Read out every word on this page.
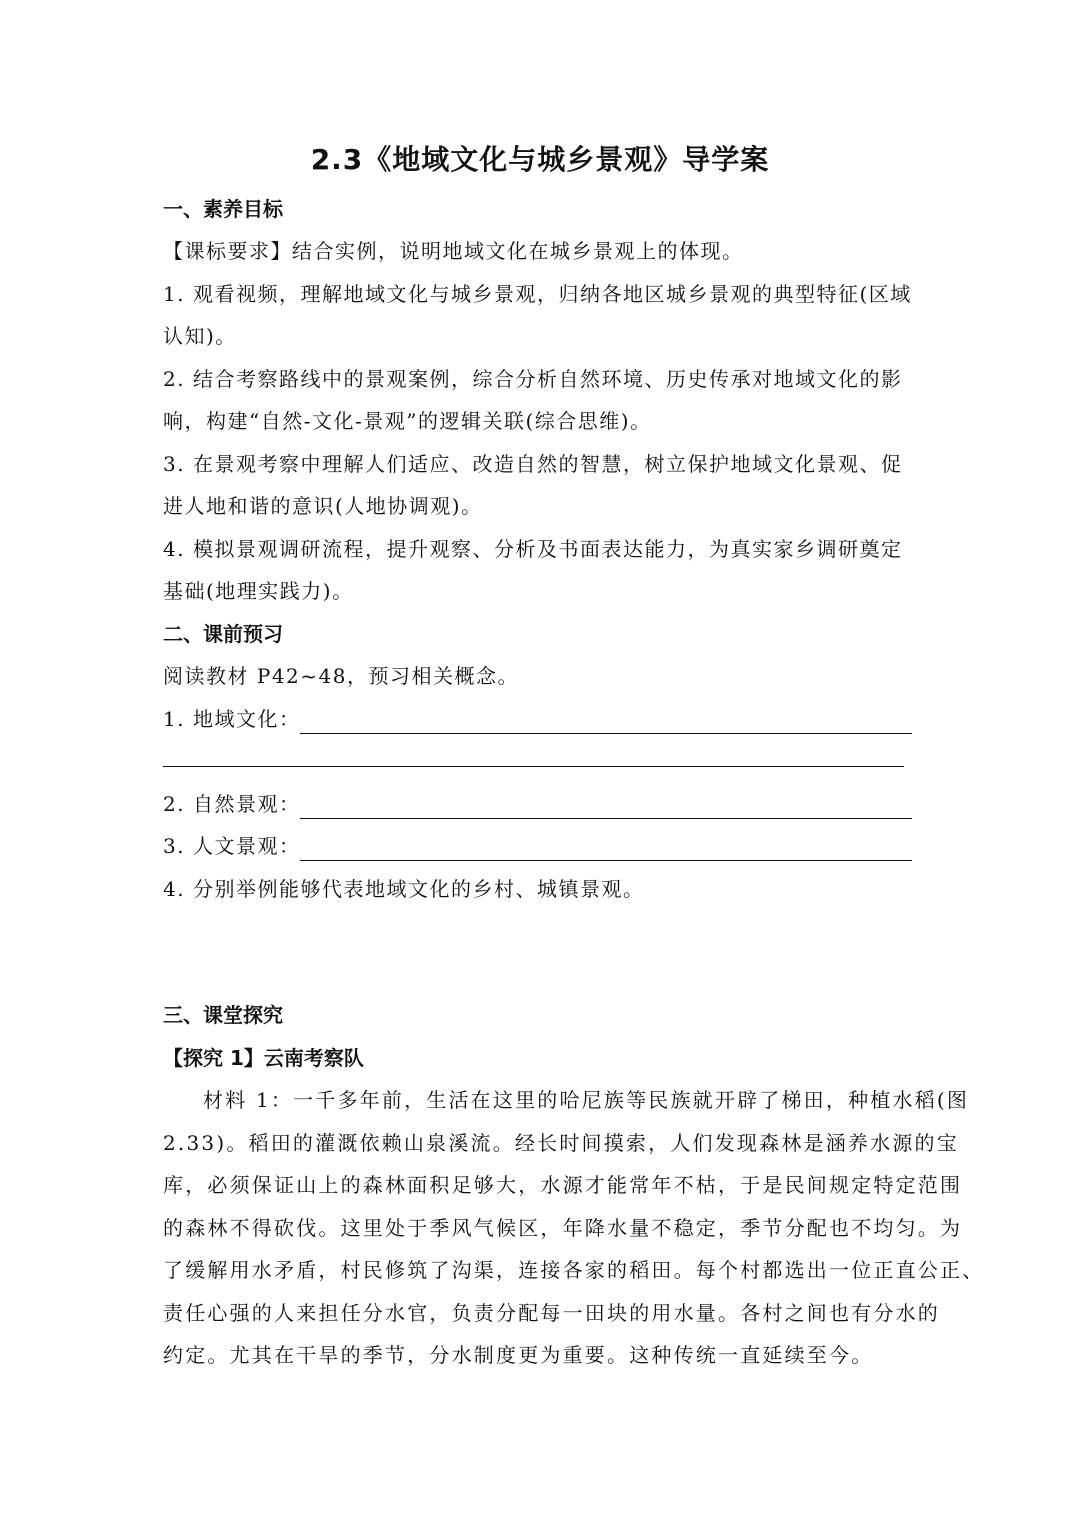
2.3《地域文化与城乡景观》导学案
一、素养目标
【课标要求】结合实例，说明地域文化在城乡景观上的体现。
1. 观看视频，理解地域文化与城乡景观，归纳各地区城乡景观的典型特征(区域
认知)。
2. 结合考察路线中的景观案例，综合分析自然环境、历史传承对地域文化的影
响，构建“自然-文化-景观”的逻辑关联(综合思维)。
3. 在景观考察中理解人们适应、改造自然的智慧，树立保护地域文化景观、促
进人地和谐的意识(人地协调观)。
4. 模拟景观调研流程，提升观察、分析及书面表达能力，为真实家乡调研奠定
基础(地理实践力)。
二、课前预习
阅读教材 P42~48，预习相关概念。
1. 地域文化：
2. 自然景观：
3. 人文景观：
4. 分别举例能够代表地域文化的乡村、城镇景观。
三、课堂探究
【探究 1】云南考察队
材料 1：一千多年前，生活在这里的哈尼族等民族就开辟了梯田，种植水稻(图
2.33)。稻田的灌溉依赖山泉溪流。经长时间摸索，人们发现森林是涵养水源的宝
库，必须保证山上的森林面积足够大，水源才能常年不枯，于是民间规定特定范围
的森林不得砍伐。这里处于季风气候区，年降水量不稳定，季节分配也不均匀。为
了缓解用水矛盾，村民修筑了沟渠，连接各家的稻田。每个村都选出一位正直公正、
责任心强的人来担任分水官，负责分配每一田块的用水量。各村之间也有分水的
约定。尤其在干旱的季节，分水制度更为重要。这种传统一直延续至今。
